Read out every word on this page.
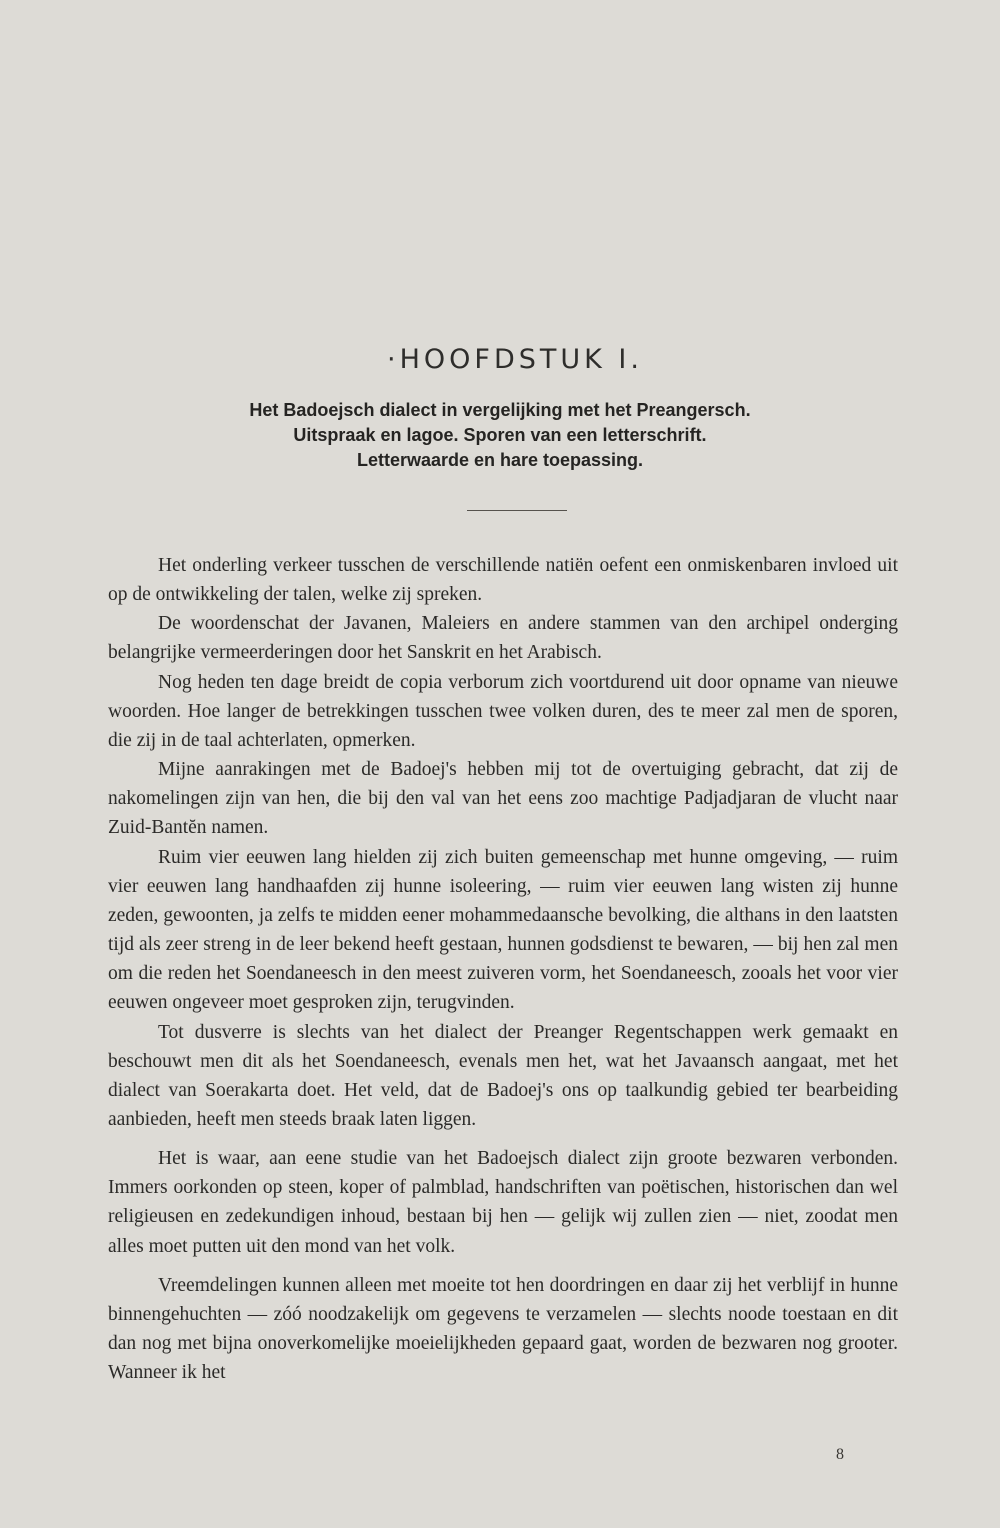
·HOOFDSTUK I.
Het Badoejsch dialect in vergelijking met het Preangersch.
Uitspraak en lagoe. Sporen van een letterschrift.
Letterwaarde en hare toepassing.

Het onderling verkeer tusschen de verschillende natiën oefent een onmiskenbaren invloed uit op de ontwikkeling der talen, welke zij spreken.

De woordenschat der Javanen, Maleiers en andere stammen van den archipel onderging belangrijke vermeerderingen door het Sanskrit en het Arabisch.

Nog heden ten dage breidt de copia verborum zich voortdurend uit door opname van nieuwe woorden. Hoe langer de betrekkingen tusschen twee volken duren, des te meer zal men de sporen, die zij in de taal achterlaten, opmerken.

Mijne aanrakingen met de Badoej's hebben mij tot de overtuiging gebracht, dat zij de nakomelingen zijn van hen, die bij den val van het eens zoo machtige Padjadjaran de vlucht naar Zuid-Bantĕn namen.

Ruim vier eeuwen lang hielden zij zich buiten gemeenschap met hunne omgeving, — ruim vier eeuwen lang handhaafden zij hunne isoleering, — ruim vier eeuwen lang wisten zij hunne zeden, gewoonten, ja zelfs te midden eener mohammedaansche bevolking, die althans in den laatsten tijd als zeer streng in de leer bekend heeft gestaan, hunnen godsdienst te bewaren, — bij hen zal men om die reden het Soendaneesch in den meest zuiveren vorm, het Soendaneesch, zooals het voor vier eeuwen ongeveer moet gesproken zijn, terugvinden.

Tot dusverre is slechts van het dialect der Preanger Regentschappen werk gemaakt en beschouwt men dit als het Soendaneesch, evenals men het, wat het Javaansch aangaat, met het dialect van Soerakarta doet. Het veld, dat de Badoej's ons op taalkundig gebied ter bearbeiding aanbieden, heeft men steeds braak laten liggen.

Het is waar, aan eene studie van het Badoejsch dialect zijn groote bezwaren verbonden. Immers oorkonden op steen, koper of palmblad, handschriften van poëtischen, historischen dan wel religieusen en zedekundigen inhoud, bestaan bij hen — gelijk wij zullen zien — niet, zoodat men alles moet putten uit den mond van het volk.

Vreemdelingen kunnen alleen met moeite tot hen doordringen en daar zij het verblijf in hunne binnengehuchten — zóó noodzakelijk om gegevens te verzamelen — slechts noode toestaan en dit dan nog met bijna onoverkomelijke moeielijkheden gepaard gaat, worden de bezwaren nog grooter. Wanneer ik het

8
